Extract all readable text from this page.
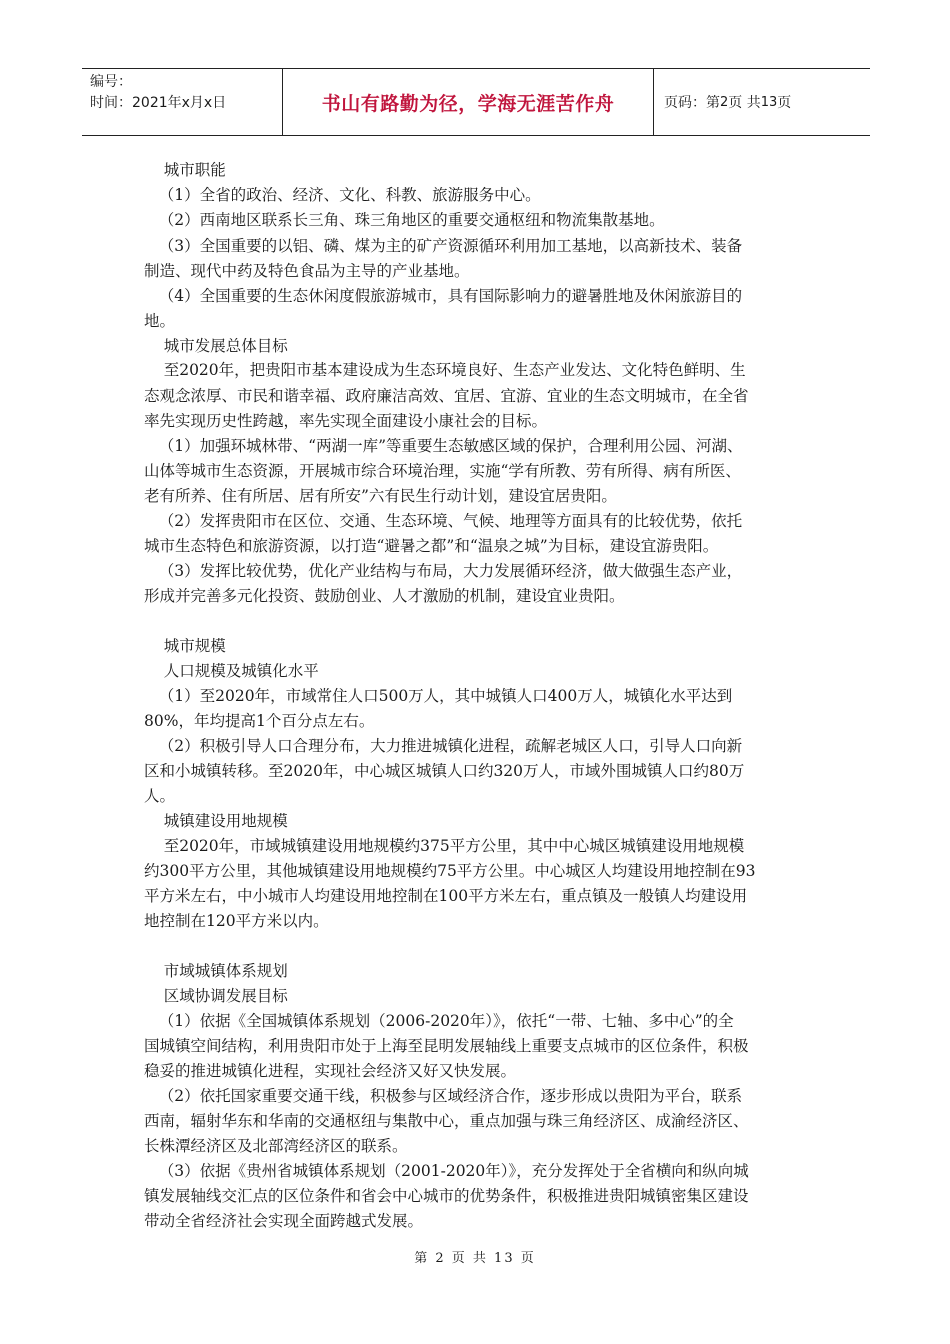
编号：
时间：2021年x月x日	书山有路勤为径，学海无涯苦作舟	页码：第 2 页 共 13 页
城市职能
（1）全省的政治、经济、文化、科教、旅游服务中心。
（2）西南地区联系长三角、珠三角地区的重要交通枢纽和物流集散基地。
（3）全国重要的以铝、磷、煤为主的矿产资源循环利用加工基地，以高新技术、装备
制造、现代中药及特色食品为主导的产业基地。
（4）全国重要的生态休闲度假旅游城市，具有国际影响力的避暑胜地及休闲旅游目的
地。
城市发展总体目标
至2020年，把贵阳市基本建设成为生态环境良好、生态产业发达、文化特色鲜明、生
态观念浓厚、市民和谐幸福、政府廉洁高效、宜居、宜游、宜业的生态文明城市，在全省
率先实现历史性跨越，率先实现全面建设小康社会的目标。
（1）加强环城林带、“两湖一库”等重要生态敏感区域的保护，合理利用公园、河湖、
山体等城市生态资源，开展城市综合环境治理，实施“学有所教、劳有所得、病有所医、
老有所养、住有所居、居有所安”六有民生行动计划，建设宜居贵阳。
（2）发挥贵阳市在区位、交通、生态环境、气候、地理等方面具有的比较优势，依托
城市生态特色和旅游资源，以打造“避暑之都”和“温泉之城”为目标，建设宜游贵阳。
（3）发挥比较优势，优化产业结构与布局，大力发展循环经济，做大做强生态产业，
形成并完善多元化投资、鼓励创业、人才激励的机制，建设宜业贵阳。
城市规模
人口规模及城镇化水平
（1）至2020年，市域常住人口500万人，其中城镇人口400万人，城镇化水平达到
80%，年均提高1个百分点左右。
（2）积极引导人口合理分布，大力推进城镇化进程，疏解老城区人口，引导人口向新
区和小城镇转移。至2020年，中心城区城镇人口约320万人，市域外围城镇人口约80万
人。
城镇建设用地规模
至2020年，市域城镇建设用地规模约375平方公里，其中中心城区城镇建设用地规模
约300平方公里，其他城镇建设用地规模约75平方公里。中心城区人均建设用地控制在93
平方米左右，中小城市人均建设用地控制在100平方米左右，重点镇及一般镇人均建设用
地控制在120平方米以内。
市域城镇体系规划
区域协调发展目标
（1）依据《全国城镇体系规划（2006-2020年）》，依托“一带、七轴、多中心”的全
国城镇空间结构，利用贵阳市处于上海至昆明发展轴线上重要支点城市的区位条件，积极
稳妥的推进城镇化进程，实现社会经济又好又快发展。
（2）依托国家重要交通干线，积极参与区域经济合作，逐步形成以贵阳为平台，联系
西南，辐射华东和华南的交通枢纽与集散中心，重点加强与珠三角经济区、成渝经济区、
长株潭经济区及北部湾经济区的联系。
（3）依据《贵州省城镇体系规划（2001-2020年）》，充分发挥处于全省横向和纵向城
镇发展轴线交汇点的区位条件和省会中心城市的优势条件，积极推进贵阳城镇密集区建设
带动全省经济社会实现全面跨越式发展。
第 2 页 共 13 页
